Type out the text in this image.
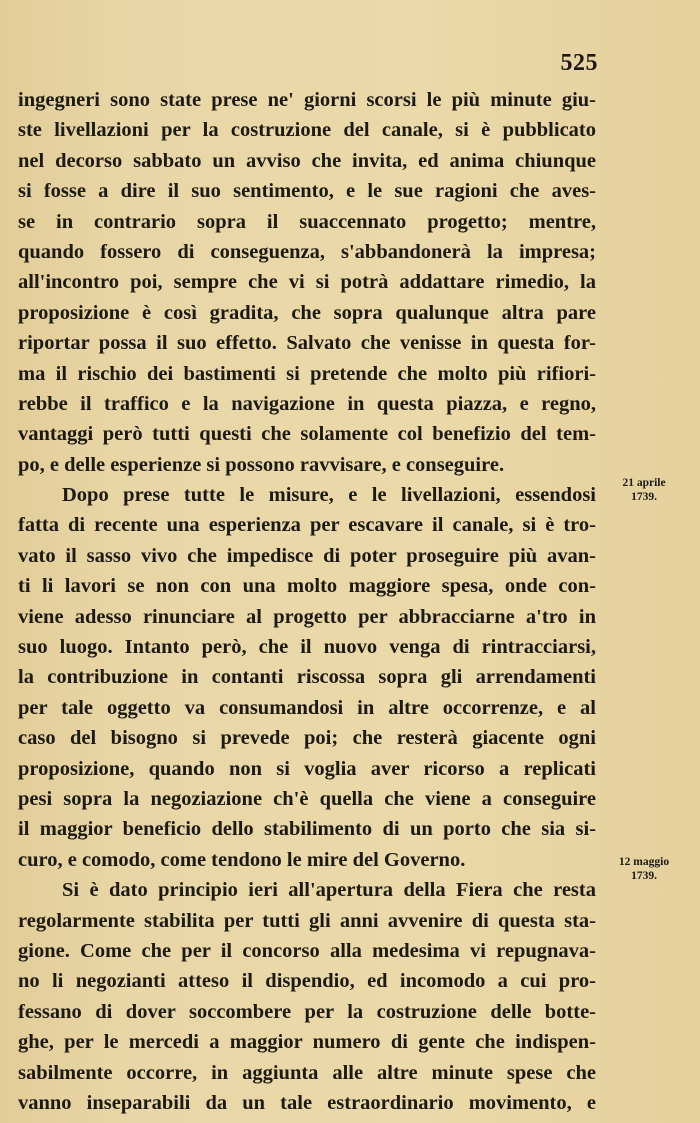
525
ingegneri sono state prese ne' giorni scorsi le più minute giu-
ste livellazioni per la costruzione del canale, si è pubblicato
nel decorso sabbato un avviso che invita, ed anima chiunque
si fosse a dire il suo sentimento, e le sue ragioni che aves-
se in contrario sopra il suaccennato progetto; mentre,
quando fossero di conseguenza, s'abbandonerà la impresa;
all'incontro poi, sempre che vi si potrà addattare rimedio, la
proposizione è così gradita, che sopra qualunque altra pare
riportar possa il suo effetto. Salvato che venisse in questa for-
ma il rischio dei bastimenti si pretende che molto più rifiori-
rebbe il traffico e la navigazione in questa piazza, e regno,
vantaggi però tutti questi che solamente col benefizio del tem-
po, e delle esperienze si possono ravvisare, e conseguire.
Dopo prese tutte le misure, e le livellazioni, essendosi
fatta di recente una esperienza per escavare il canale, si è tro-
vato il sasso vivo che impedisce di poter proseguire più avan-
ti li lavori se non con una molto maggiore spesa, onde con-
viene adesso rinunciare al progetto per abbracciarne a'tro in
suo luogo. Intanto però, che il nuovo venga di rintracciarsi,
la contribuzione in contanti riscossa sopra gli arrendamenti
per tale oggetto va consumandosi in altre occorrenze, e al
caso del bisogno si prevede poi; che resterà giacente ogni
proposizione, quando non si voglia aver ricorso a replicati
pesi sopra la negoziazione ch'è quella che viene a conseguire
il maggior beneficio dello stabilimento di un porto che sia si-
curo, e comodo, come tendono le mire del Governo.
Si è dato principio ieri all'apertura della Fiera che resta
regolarmente stabilita per tutti gli anni avvenire di questa sta-
gione. Come che per il concorso alla medesima vi repugnava-
no li negozianti atteso il dispendio, ed incomodo a cui pro-
fessano di dover soccombere per la costruzione delle botte-
ghe, per le mercedi a maggior numero di gente che indispen-
sabilmente occorre, in aggiunta alle altre minute spese che
vanno inseparabili da un tale estraordinario movimento, e
21 aprile
1739.
12 maggio
1739.
